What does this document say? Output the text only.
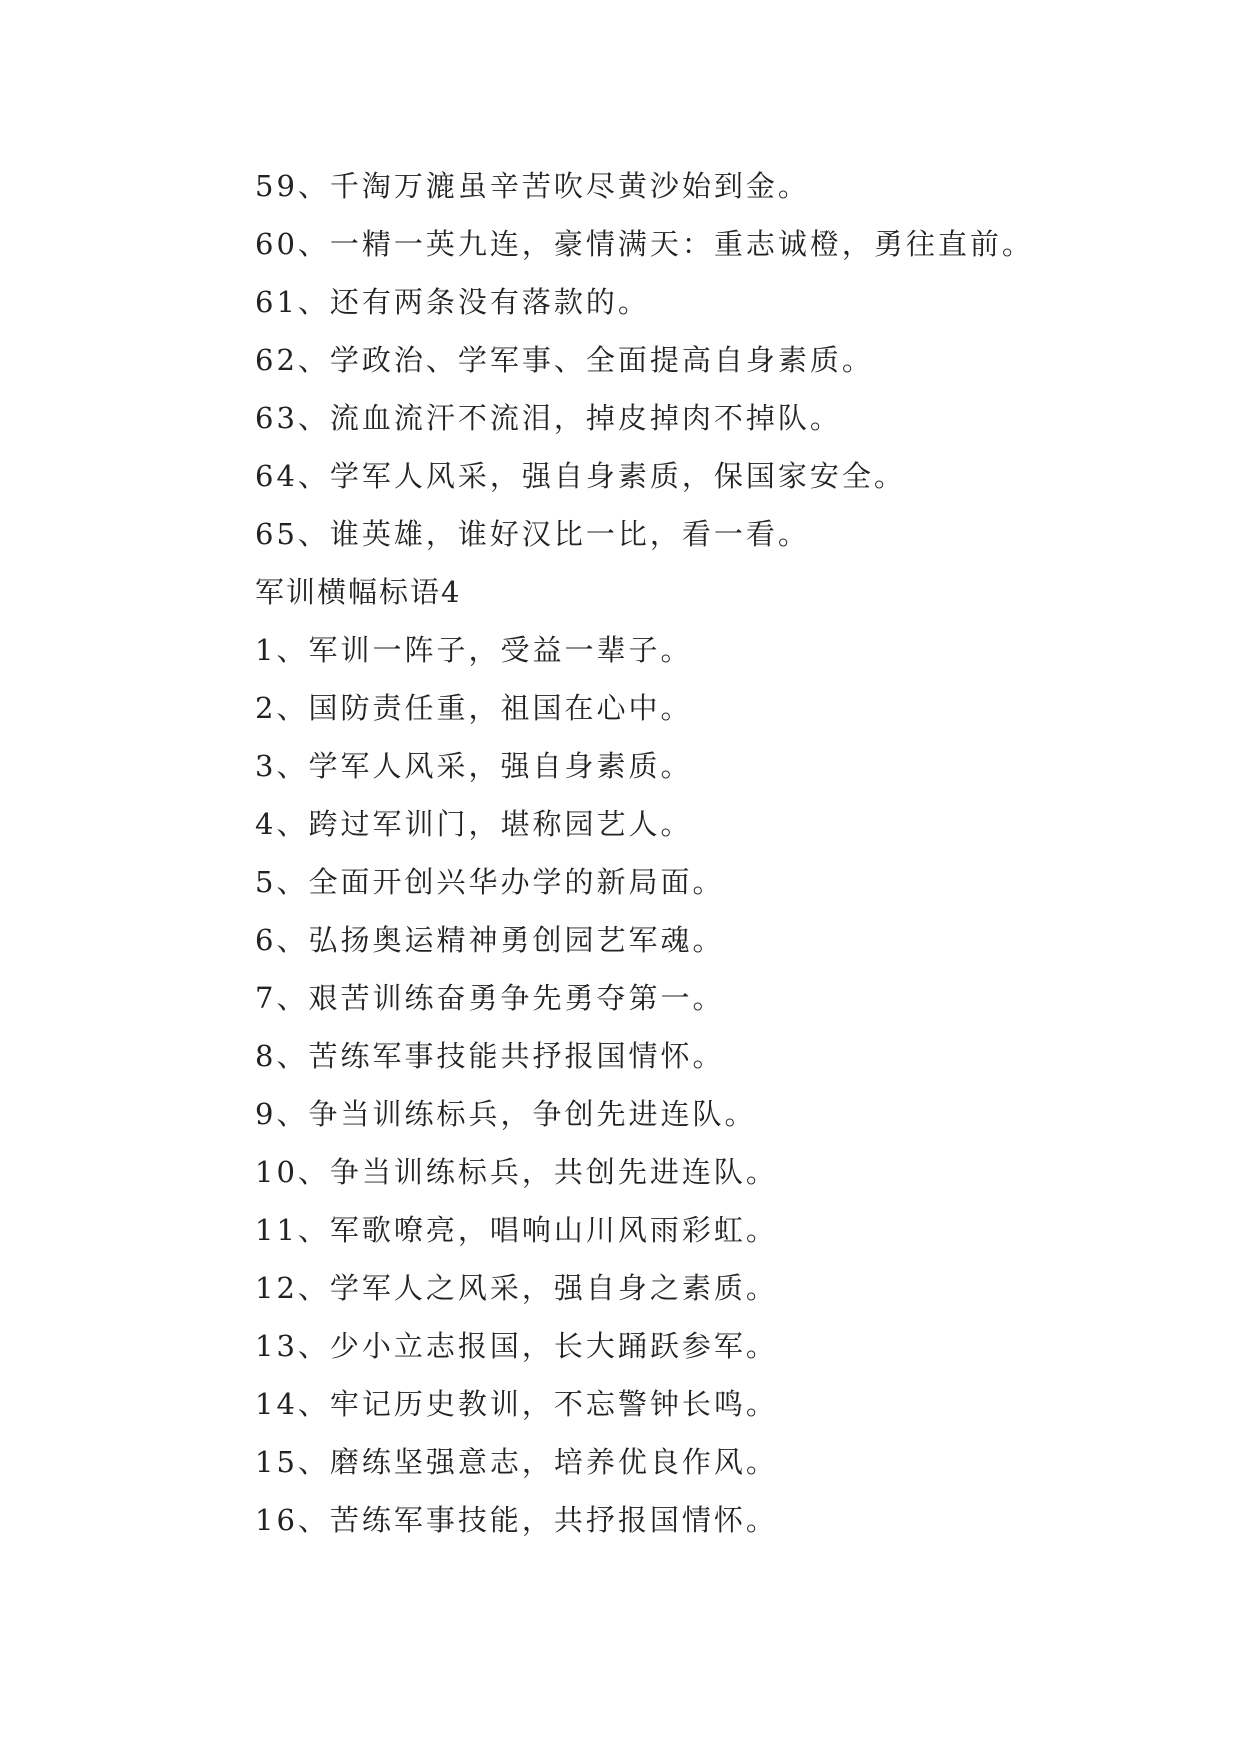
59、千淘万漉虽辛苦吹尽黄沙始到金。
60、一精一英九连，豪情满天：重志诚橙，勇往直前。
61、还有两条没有落款的。
62、学政治、学军事、全面提高自身素质。
63、流血流汗不流泪，掉皮掉肉不掉队。
64、学军人风采，强自身素质，保国家安全。
65、谁英雄，谁好汉比一比，看一看。
军训横幅标语4
1、军训一阵子，受益一辈子。
2、国防责任重，祖国在心中。
3、学军人风采，强自身素质。
4、跨过军训门，堪称园艺人。
5、全面开创兴华办学的新局面。
6、弘扬奥运精神勇创园艺军魂。
7、艰苦训练奋勇争先勇夺第一。
8、苦练军事技能共抒报国情怀。
9、争当训练标兵，争创先进连队。
10、争当训练标兵，共创先进连队。
11、军歌嘹亮，唱响山川风雨彩虹。
12、学军人之风采，强自身之素质。
13、少小立志报国，长大踊跃参军。
14、牢记历史教训，不忘警钟长鸣。
15、磨练坚强意志，培养优良作风。
16、苦练军事技能，共抒报国情怀。
